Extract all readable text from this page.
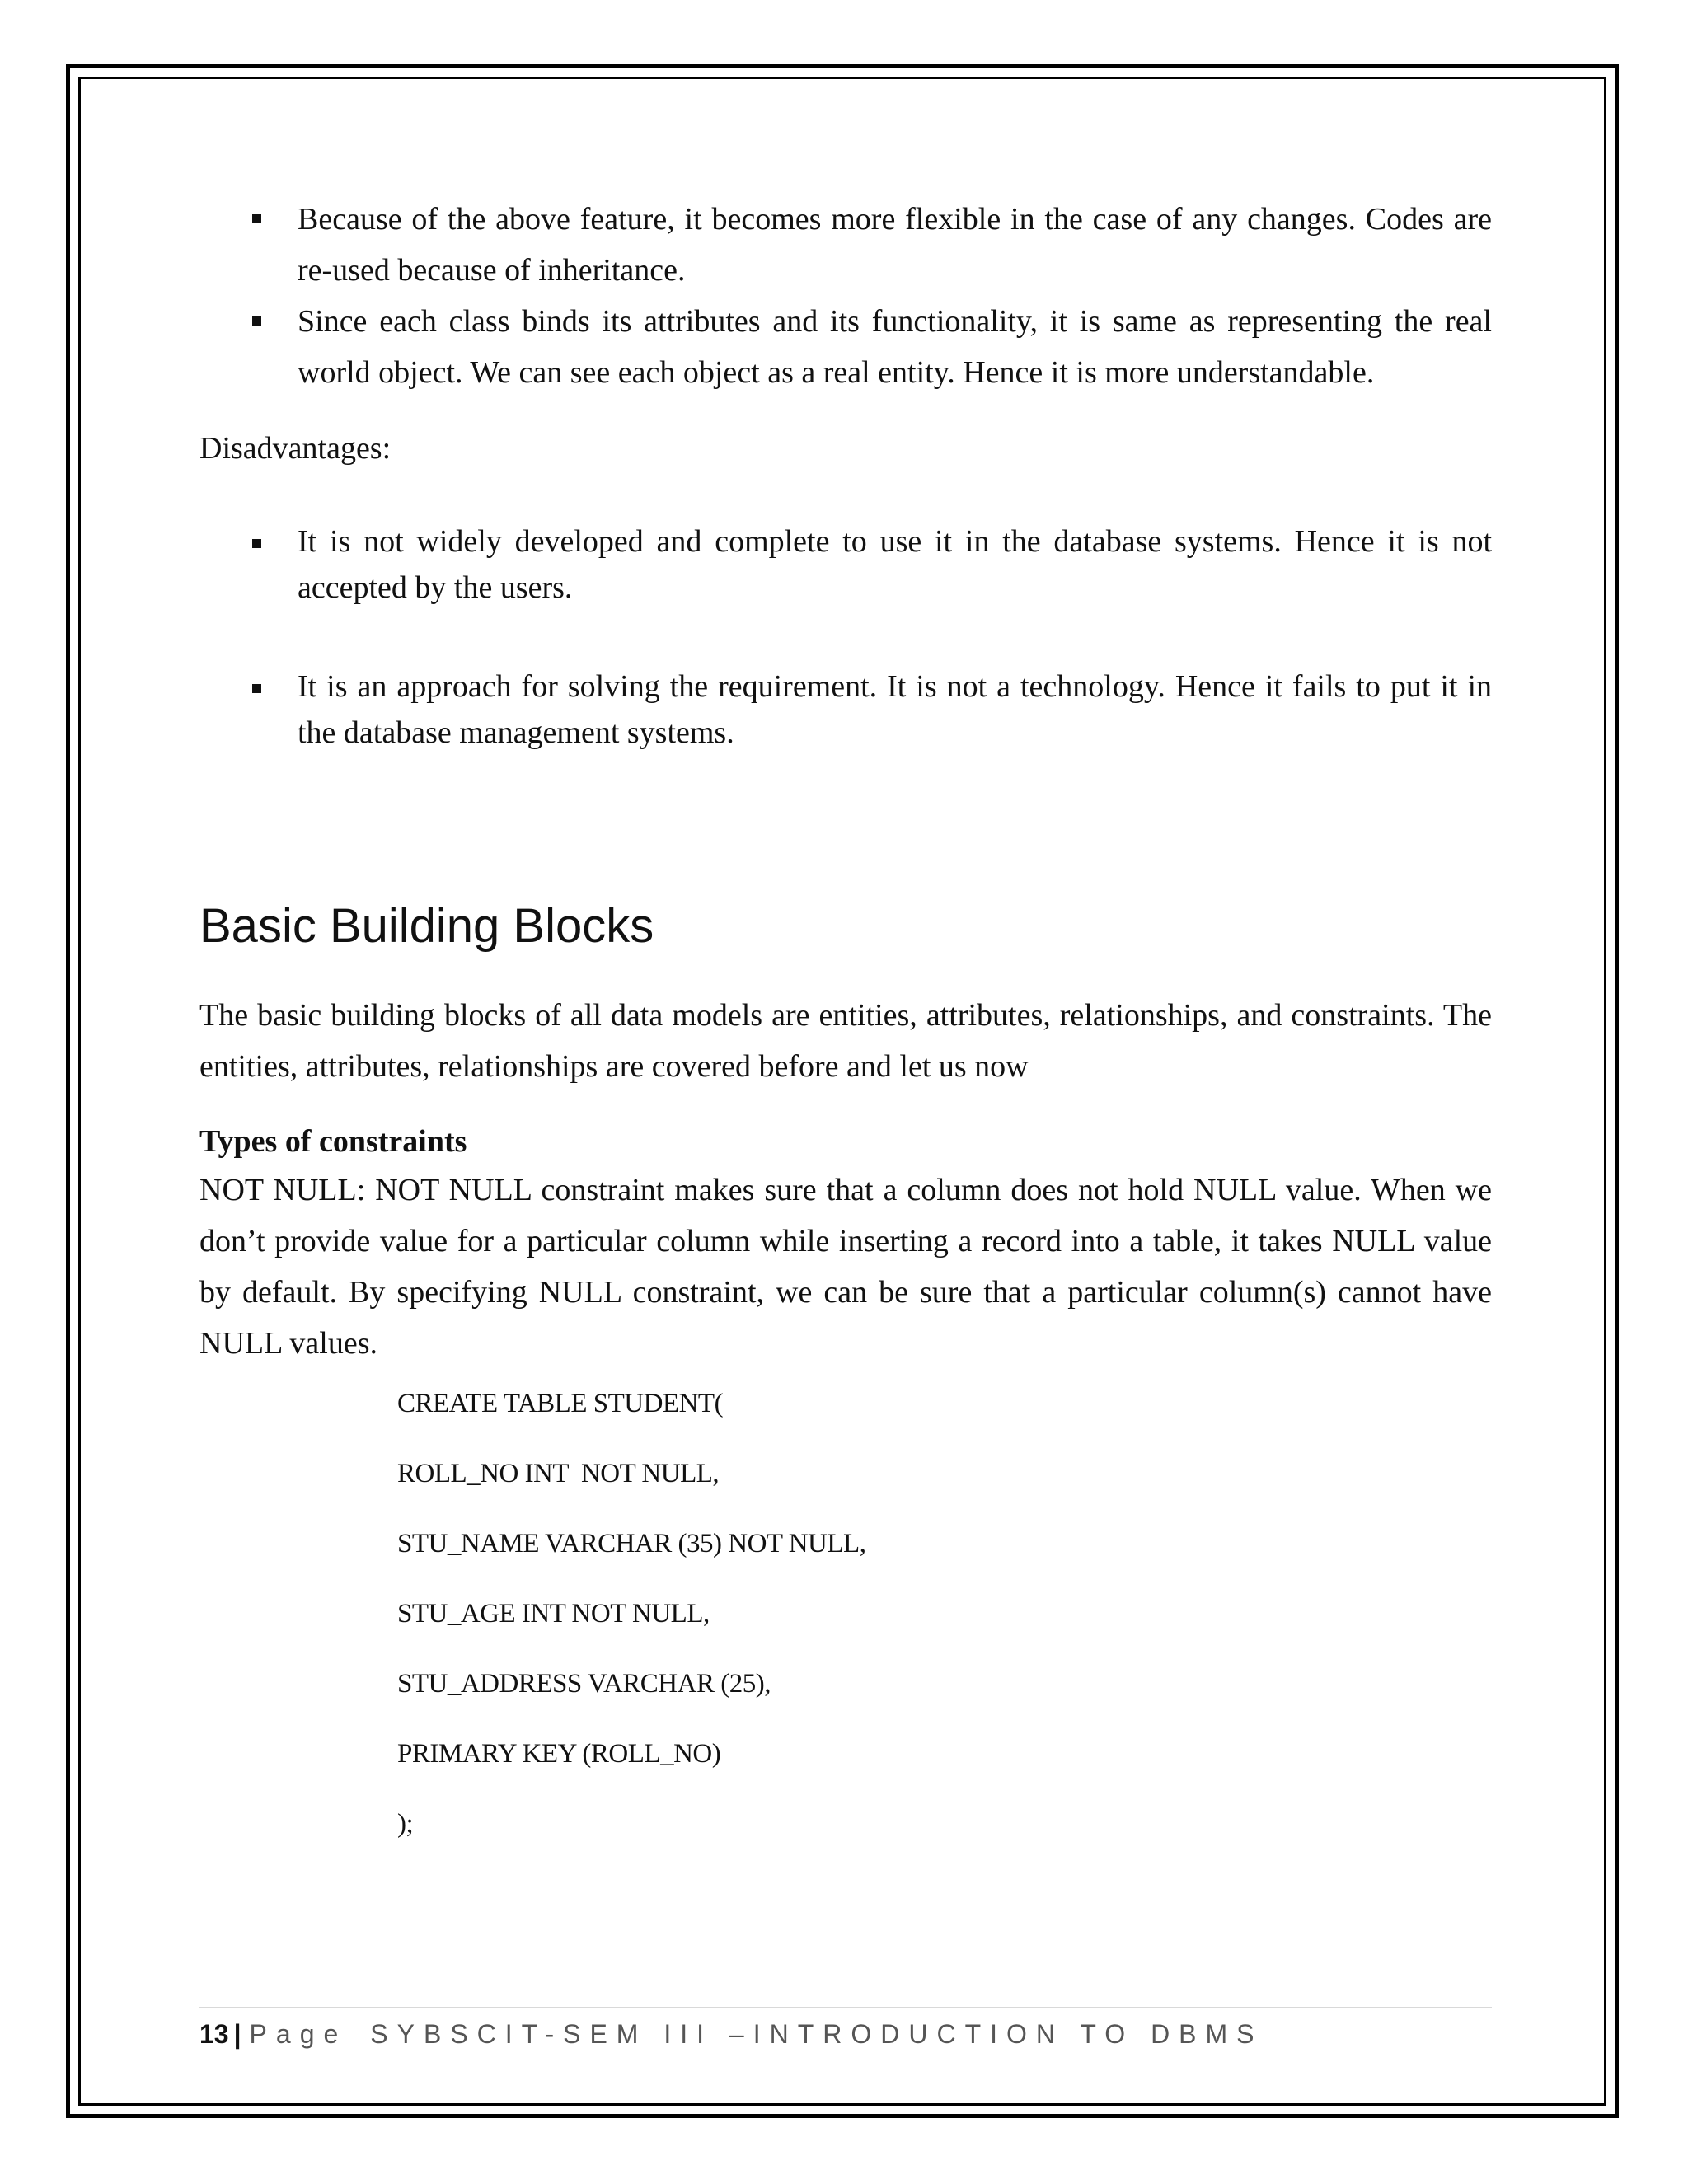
Because of the above feature, it becomes more flexible in the case of any changes. Codes are re-used because of inheritance.
Since each class binds its attributes and its functionality, it is same as representing the real world object. We can see each object as a real entity. Hence it is more understandable.

Disadvantages:

It is not widely developed and complete to use it in the database systems. Hence it is not accepted by the users.
It is an approach for solving the requirement. It is not a technology. Hence it fails to put it in the database management systems.
Basic Building Blocks

The basic building blocks of all data models are entities, attributes, relationships, and constraints. The entities, attributes, relationships are covered before and let us now

Types of constraints

NOT NULL: NOT NULL constraint makes sure that a column does not hold NULL value. When we don’t provide value for a particular column while inserting a record into a table, it takes NULL value by default. By specifying NULL constraint, we can be sure that a particular column(s) cannot have NULL values.

CREATE TABLE STUDENT(
ROLL_NO INT  NOT NULL,
STU_NAME VARCHAR (35) NOT NULL,
STU_AGE INT NOT NULL,
STU_ADDRESS VARCHAR (25),
PRIMARY KEY (ROLL_NO)
);
13 | Page SYBSCIT-SEM III –INTRODUCTION TO DBMS
